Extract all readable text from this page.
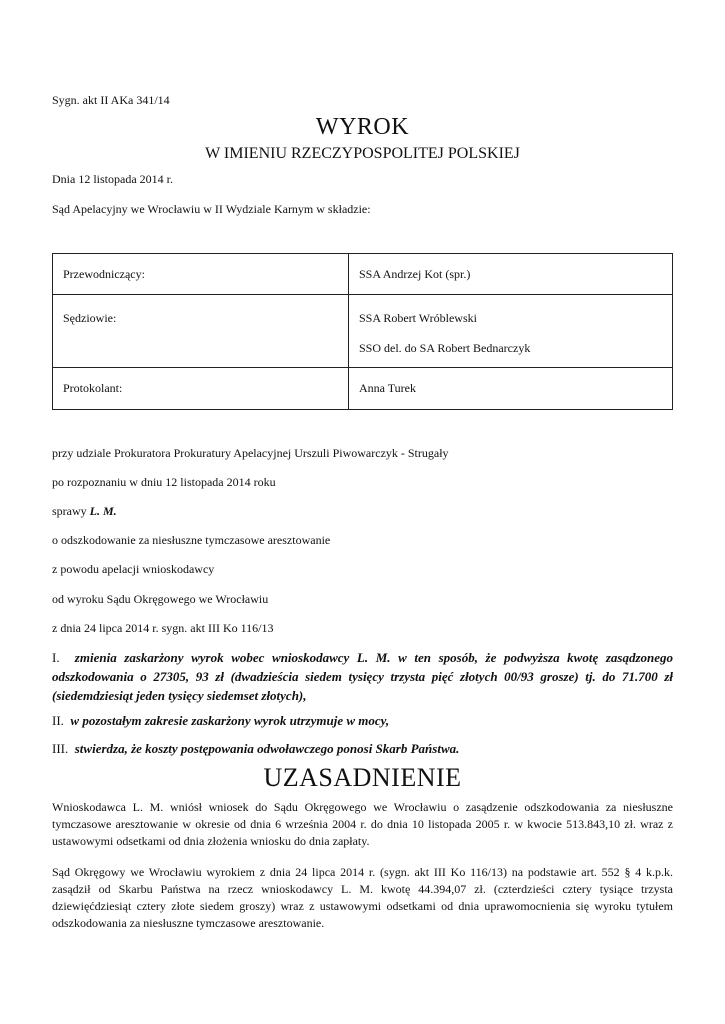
Sygn. akt II AKa 341/14
WYROK
W IMIENIU RZECZYPOSPOLITEJ POLSKIEJ
Dnia 12 listopada 2014 r.
Sąd Apelacyjny we Wrocławiu w II Wydziale Karnym w składzie:
Przewodniczący:	SSA Andrzej Kot (spr.)
Sędziowie:	SSA Robert Wróblewski
SSO del. do SA Robert Bednarczyk

Protokolant:	Anna Turek
przy udziale Prokuratora Prokuratury Apelacyjnej Urszuli Piwowarczyk - Strugały
po rozpoznaniu w dniu 12 listopada 2014 roku
sprawy L. M.
o odszkodowanie za niesłuszne tymczasowe aresztowanie
z powodu apelacji wnioskodawcy
od wyroku Sądu Okręgowego we Wrocławiu
z dnia 24 lipca 2014 r. sygn. akt III Ko 116/13
I. zmienia zaskarżony wyrok wobec wnioskodawcy L. M. w ten sposób, że podwyższa kwotę zasądzonego odszkodowania o 27305, 93 zł (dwadzieścia siedem tysięcy trzysta pięć złotych 00/93 grosze) tj. do 71.700 zł (siedemdziesiąt jeden tysięcy siedemset złotych),
II. w pozostałym zakresie zaskarżony wyrok utrzymuje w mocy,
III. stwierdza, że koszty postępowania odwoławczego ponosi Skarb Państwa.
UZASADNIENIE
Wnioskodawca L. M. wniósł wniosek do Sądu Okręgowego we Wrocławiu o zasądzenie odszkodowania za niesłuszne tymczasowe aresztowanie w okresie od dnia 6 września 2004 r. do dnia 10 listopada 2005 r. w kwocie 513.843,10 zł. wraz z ustawowymi odsetkami od dnia złożenia wniosku do dnia zapłaty.
Sąd Okręgowy we Wrocławiu wyrokiem z dnia 24 lipca 2014 r. (sygn. akt III Ko 116/13) na podstawie art. 552 § 4 k.p.k. zasądził od Skarbu Państwa na rzecz wnioskodawcy L. M. kwotę 44.394,07 zł. (czterdzieści cztery tysiące trzysta dziewięćdziesiąt cztery złote siedem groszy) wraz z ustawowymi odsetkami od dnia uprawomocnienia się wyroku tytułem odszkodowania za niesłuszne tymczasowe aresztowanie.
